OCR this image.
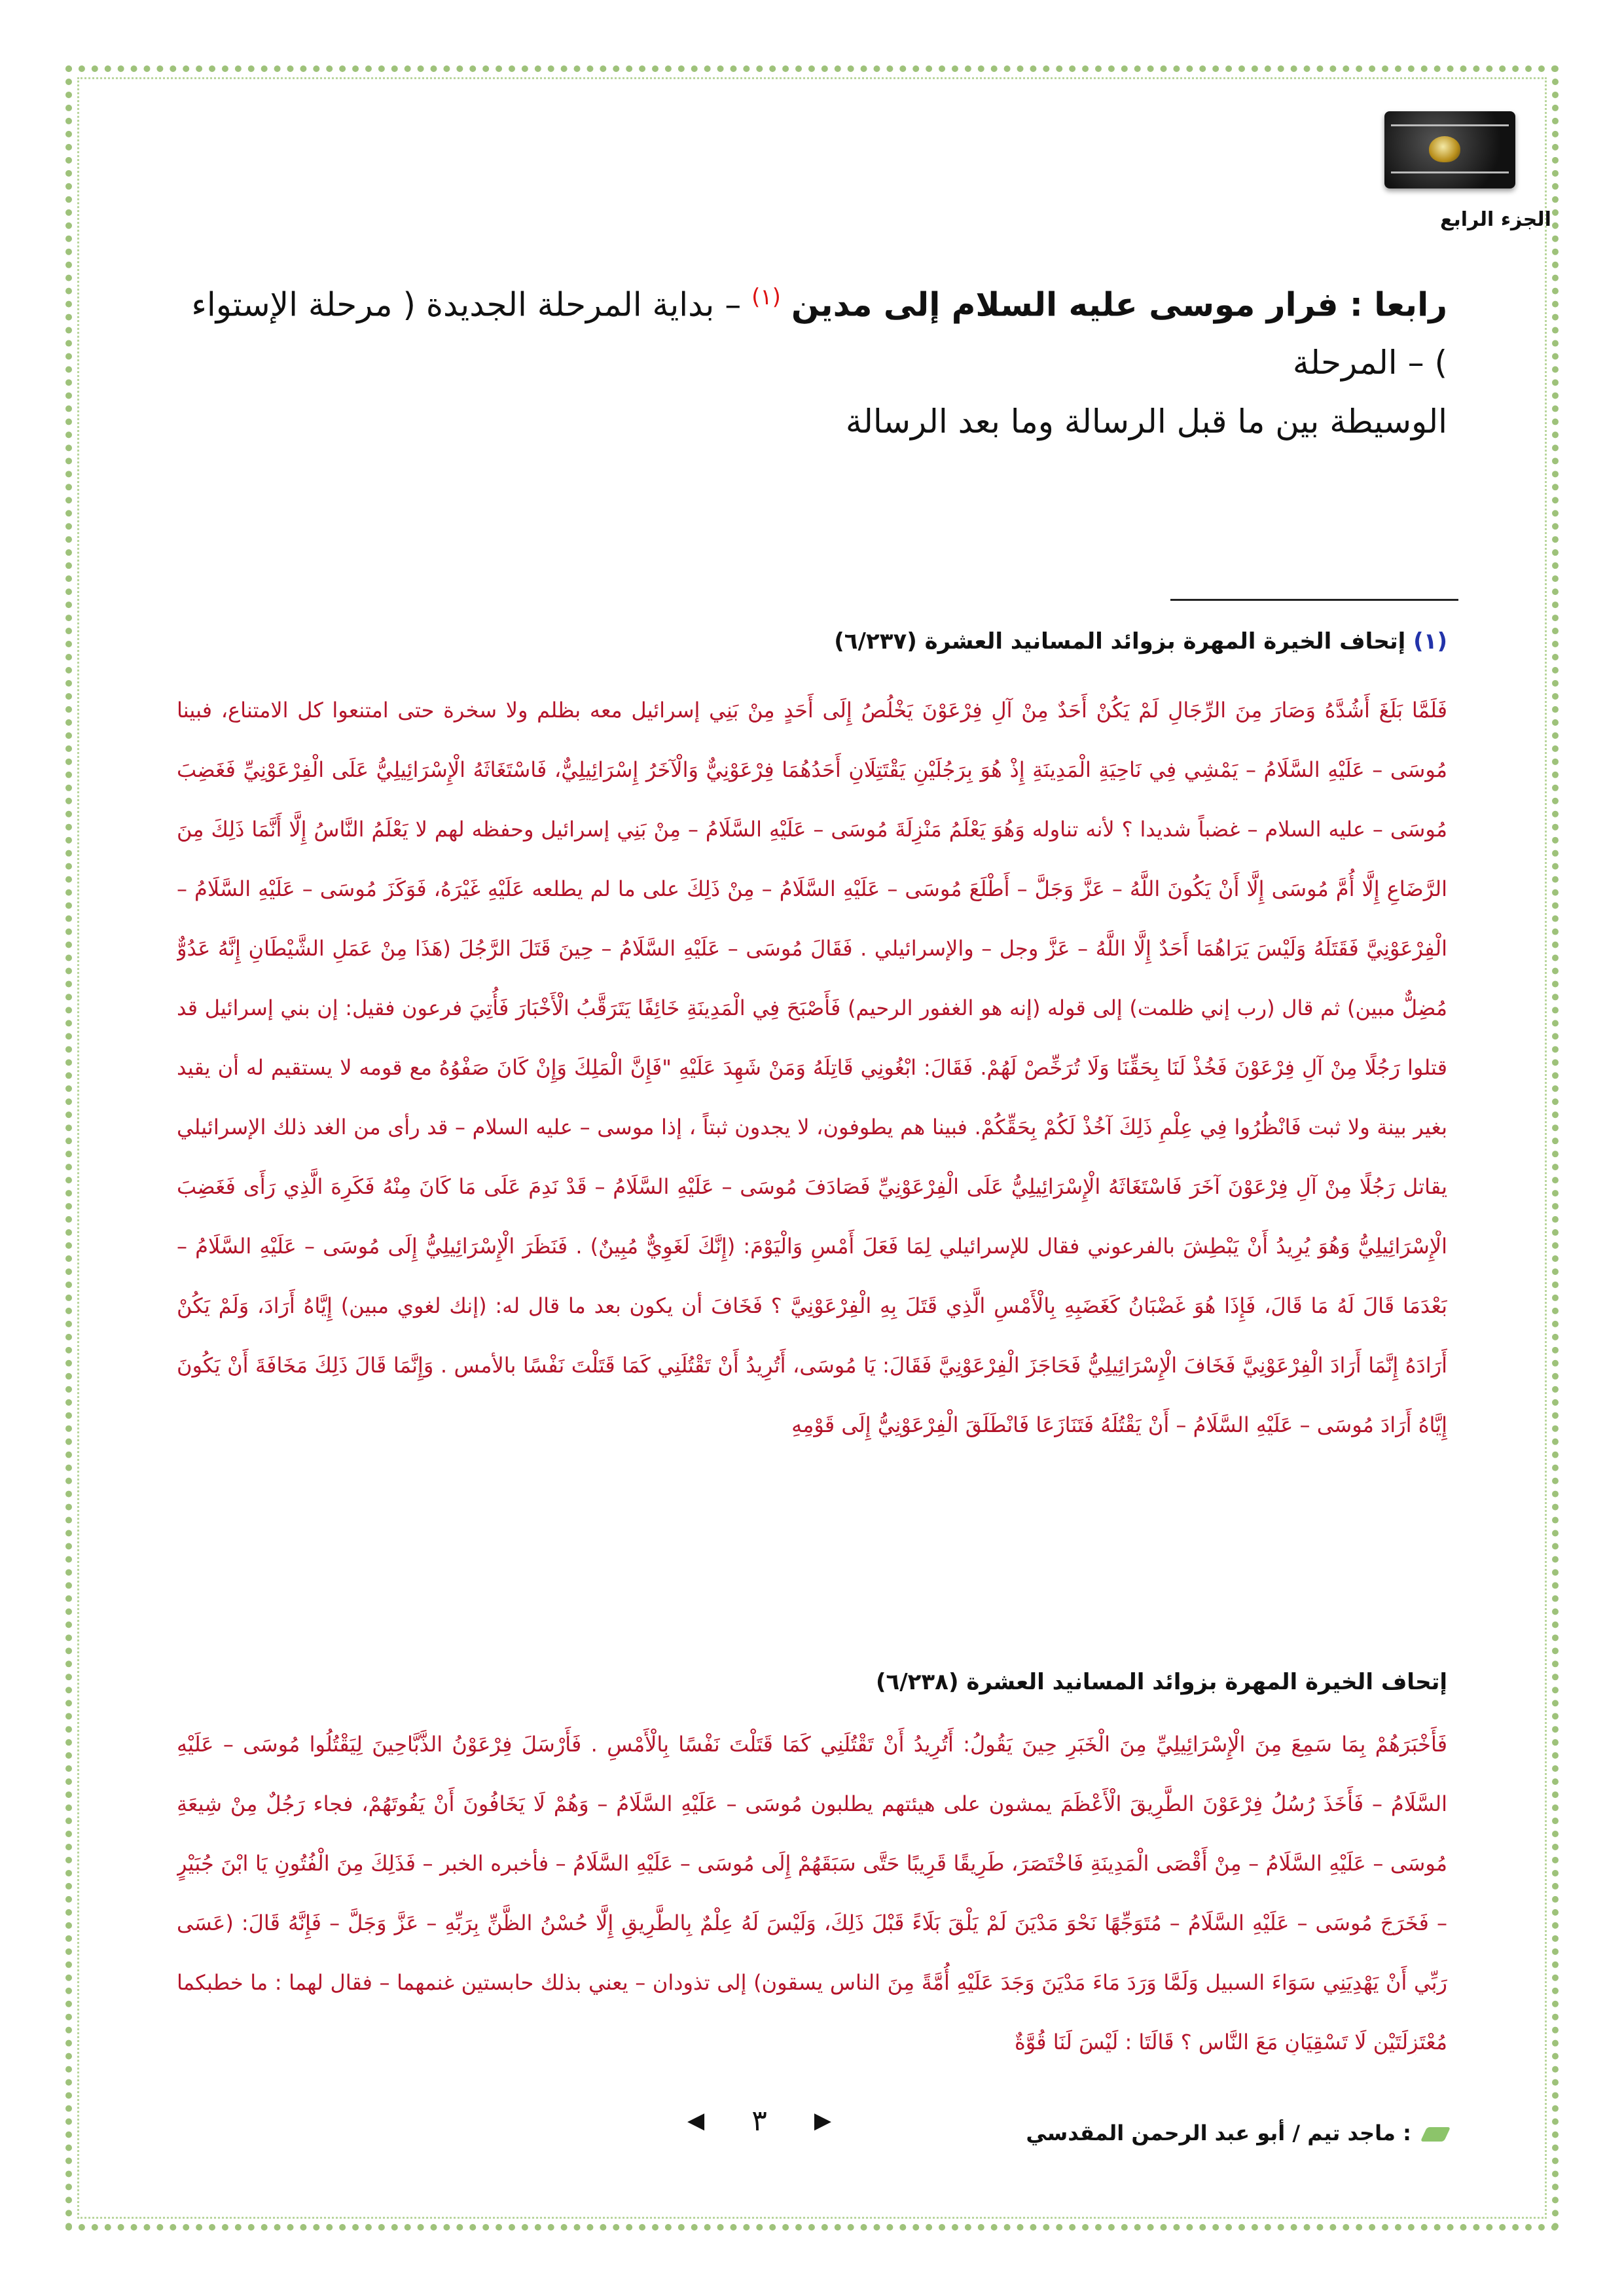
الجزء الرابع
رابعا : فرار موسى عليه السلام إلى مدين $^{(١)}$ – بداية المرحلة الجديدة ( مرحلة الإستواء ) – المرحلة
الوسيطة بين ما قبل الرسالة وما بعد الرسالة
(١) إتحاف الخيرة المهرة بزوائد المسانيد العشرة (٦/٢٣٧)
فَلَمَّا بَلَغَ أَشُدَّهُ وَصَارَ مِنَ الرِّجَالِ لَمْ يَكُنْ أَحَدٌ مِنْ آلِ فِرْعَوْنَ يَخْلُصُ إِلَى أَحَدٍ مِنْ بَنِي إسرائيل معه بظلم ولا سخرة حتى امتنعوا كل الامتناع، فبينا مُوسَى – عَلَيْهِ السَّلَامُ – يَمْشِي فِي نَاحِيَةِ الْمَدِينَةِ إِذْ هُوَ بِرَجُلَيْنِ يَقْتَتِلَانِ أَحَدُهُمَا فِرْعَوْنِيٌّ وَالْآخَرُ إِسْرَائِيلِيٌّ، فَاسْتَغَاثَهُ الْإِسْرَائِيلِيُّ عَلَى الْفِرْعَوْنِيِّ فَغَضِبَ مُوسَى – عليه السلام – غضباً شديدا ؟ لأنه تناوله وَهُوَ يَعْلَمُ مَنْزِلَةَ مُوسَى – عَلَيْهِ السَّلَامُ – مِنْ بَنِي إسرائيل وحفظه لهم لا يَعْلَمُ النَّاسُ إِلَّا أَنَّمَا ذَلِكَ مِنَ الرَّضَاعِ إِلَّا أُمَّ مُوسَى إِلَّا أَنْ يَكُونَ اللَّهُ – عَزَّ وَجَلَّ – أَطْلَعَ مُوسَى – عَلَيْهِ السَّلَامُ – مِنْ ذَلِكَ على ما لم يطلعه عَلَيْهِ غَيْرَهُ، فَوَكَزَ مُوسَى – عَلَيْهِ السَّلَامُ – الْفِرْعَوْنِيَّ فَقَتَلَهُ وَلَيْسَ يَرَاهُمَا أَحَدٌ إِلَّا اللَّهُ – عَزَّ وجل – والإسرائيلي . فَقَالَ مُوسَى – عَلَيْهِ السَّلَامُ – حِينَ قَتَلَ الرَّجُلَ (هَذَا مِنْ عَمَلِ الشَّيْطَانِ إِنَّهُ عَدُوٌّ مُضِلٌّ مبين) ثم قال (رب إني ظلمت) إلى قوله (إنه هو الغفور الرحيم) فَأَصْبَحَ فِي الْمَدِينَةِ خَائِفًا يَتَرَقَّبُ الْأَخْبَارَ فَأُتِيَ فرعون فقيل: إن بني إسرائيل قد قتلوا رَجُلًا مِنْ آلِ فِرْعَوْنَ فَخُذْ لَنَا بِحَقِّنَا وَلَا تُرَخِّصْ لَهُمْ. فَقَالَ: ابْغُونِي قَاتِلَهُ وَمَنْ شَهِدَ عَلَيْهِ "فَإِنَّ الْمَلِكَ وَإِنْ كَانَ صَفْوُهُ مع قومه لا يستقيم له أن يقيد بغير بينة ولا ثبت فَانْظُرُوا فِي عِلْمِ ذَلِكَ آخُذْ لَكُمْ بِحَقِّكُمْ. فبينا هم يطوفون، لا يجدون ثبتاً ، إذا موسى – عليه السلام – قد رأى من الغد ذلك الإسرائيلي يقاتل رَجُلًا مِنْ آلِ فِرْعَوْنَ آخَرَ فَاسْتَغَاثَهُ الْإِسْرَائِيلِيُّ عَلَى الْفِرْعَوْنِيِّ فَصَادَفَ مُوسَى – عَلَيْهِ السَّلَامُ – قَدْ نَدِمَ عَلَى مَا كَانَ مِنْهُ فَكَرِهَ الَّذِي رَأَى فَغَضِبَ الْإِسْرَائِيلِيُّ وَهُوَ يُرِيدُ أَنْ يَبْطِشَ بالفرعوني فقال للإسرائيلي لِمَا فَعَلَ أَمْسِ وَالْيَوْمَ: (إِنَّكَ لَغَوِيٌّ مُبِينٌ) . فَنَظَرَ الْإِسْرَائِيلِيُّ إِلَى مُوسَى – عَلَيْهِ السَّلَامُ – بَعْدَمَا قَالَ لَهُ مَا قَالَ، فَإِذَا هُوَ غَضْبَانُ كَغَضَبِهِ بِالْأَمْسِ الَّذِي قَتَلَ بِهِ الْفِرْعَوْنِيَّ ؟ فَخَافَ أن يكون بعد ما قال له: (إنك لغوي مبين) إِيَّاهُ أَرَادَ، وَلَمْ يَكُنْ أَرَادَهُ إِنَّمَا أَرَادَ الْفِرْعَوْنِيَّ فَخَافَ الْإِسْرَائِيلِيُّ فَحَاجَزَ الْفِرْعَوْنِيَّ فَقَالَ: يَا مُوسَى، أَتُرِيدُ أَنْ تَقْتُلَنِي كَمَا قَتَلْتَ نَفْسًا بالأمس . وَإِنَّمَا قَالَ ذَلِكَ مَخَافَةَ أَنْ يَكُونَ إِيَّاهُ أَرَادَ مُوسَى – عَلَيْهِ السَّلَامُ – أَنْ يَقْتُلَهُ فَتَنَازَعَا فَانْطَلَقَ الْفِرْعَوْنِيُّ إِلَى قَوْمِهِ
إتحاف الخيرة المهرة بزوائد المسانيد العشرة (٦/٢٣٨)
فَأَخْبَرَهُمْ بِمَا سَمِعَ مِنَ الْإِسْرَائِيلِيِّ مِنَ الْخَبَرِ حِينَ يَقُولُ: أَتُرِيدُ أَنْ تَقْتُلَنِي كَمَا قَتَلْتَ نَفْسًا بِالْأَمْسِ . فَأَرْسَلَ فِرْعَوْنُ الذَّبَّاحِينَ لِيَقْتُلُوا مُوسَى – عَلَيْهِ السَّلَامُ – فَأَخَذَ رُسُلُ فِرْعَوْنَ الطَّرِيقَ الْأَعْظَمَ يمشون على هيئتهم يطلبون مُوسَى – عَلَيْهِ السَّلَامُ – وَهُمْ لَا يَخَافُونَ أَنْ يَفُوتَهُمْ، فجاء رَجُلٌ مِنْ شِيعَةِ مُوسَى – عَلَيْهِ السَّلَامُ – مِنْ أَقْصَى الْمَدِينَةِ فَاخْتَصَرَ، طَرِيقًا قَرِيبًا حَتَّى سَبَقَهُمْ إِلَى مُوسَى – عَلَيْهِ السَّلَامُ – فأخبره الخبر – فَذَلِكَ مِنَ الْفُتُونِ يَا ابْنَ جُبَيْرٍ – فَخَرَجَ مُوسَى – عَلَيْهِ السَّلَامُ – مُتَوَجِّهًا نَحْوَ مَدْيَنَ لَمْ يَلْقَ بَلَاءً قَبْلَ ذَلِكَ، وَلَيْسَ لَهُ عِلْمٌ بِالطَّرِيقِ إِلَّا حُسْنُ الظَّنِّ بِرَبِّهِ – عَزَّ وَجَلَّ – فَإِنَّهُ قَالَ: (عَسَى رَبِّي أَنْ يَهْدِيَنِي سَوَاءَ السبيل وَلَمَّا وَرَدَ مَاءَ مَدْيَنَ وَجَدَ عَلَيْهِ أُمَّةً مِنَ الناس يسقون) إلى تذودان – يعني بذلك حابستين غنمهما – فقال لهما : ما خطبكما مُعْتَزِلَتَيْنِ لَا تَسْقِيَانِ مَعَ النَّاسِ ؟ قَالَتَا : لَيْسَ لَنَا قُوَّةٌ
▶
٣
◀	: ماجد تيم / أبو عبد الرحمن المقدسي
